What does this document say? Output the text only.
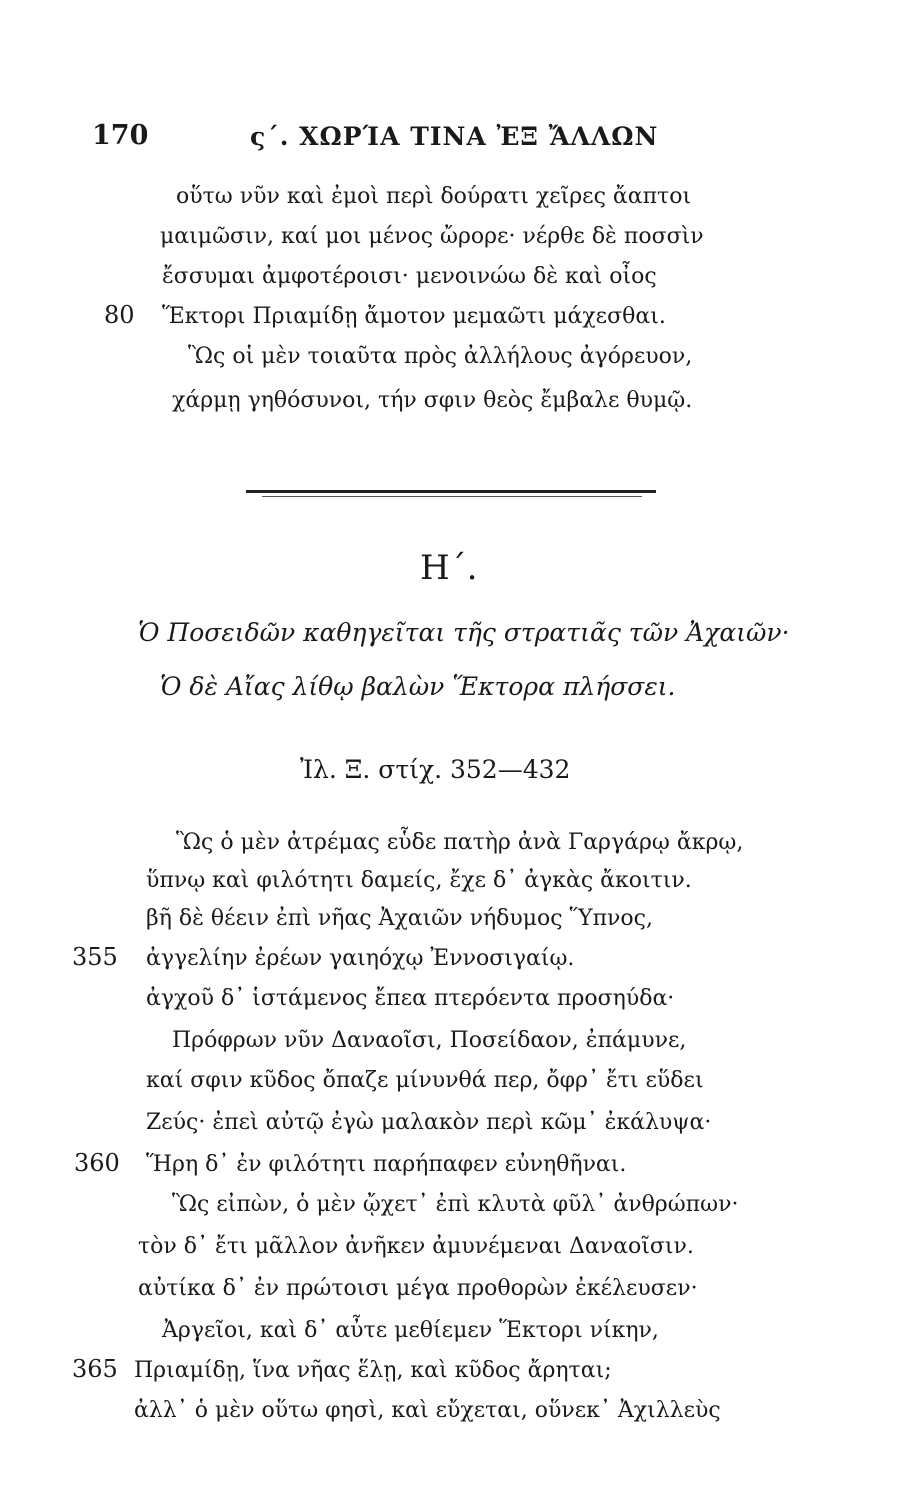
170	ς΄. ΧΩΡΊΑ ΤΙΝΑ ἘΞ ἌΛΛΩΝ
οὕτω νῦν καὶ ἐμοὶ περὶ δούρατι χεῖρες ἄαπτοι
μαιμῶσιν, καί μοι μένος ὤρορε· νέρθε δὲ ποσσὶν
ἔσσυμαι ἀμφοτέροισι· μενοινώω δὲ καὶ οἶος
80 Ἕκτορι Πριαμίδῃ ἄμοτον μεμαῶτι μάχεσθαι.
Ὣς οἱ μὲν τοιαῦτα πρὸς ἀλλήλους ἀγόρευον,
χάρμῃ γηθόσυνοι, τήν σφιν θεὸς ἔμβαλε θυμῷ.
Η΄.
Ὁ Ποσειδῶν καθηγεῖται τῆς στρατιᾶς τῶν Ἀχαιῶν·
Ὁ δὲ Αἴας λίθῳ βαλὼν Ἕκτορα πλήσσει.
Ἰλ. Ξ. στίχ. 352—432
Ὣς ὁ μὲν ἀτρέμας εὗδε πατὴρ ἀνὰ Γαργάρῳ ἄκρῳ,
ὕπνῳ καὶ φιλότητι δαμείς, ἔχε δ᾽ ἀγκὰς ἄκοιτιν.
βῆ δὲ θέειν ἐπὶ νῆας Ἀχαιῶν νήδυμος Ὕπνος,
355 ἀγγελίην ἐρέων γαιηόχῳ Ἐννοσιγαίῳ.
ἀγχοῦ δ᾽ ἱστάμενος ἔπεα πτερόεντα προσηύδα·
Πρόφρων νῦν Δαναοῖσι, Ποσείδαον, ἐπάμυνε,
καί σφιν κῦδος ὄπαζε μίνυνθά περ, ὄφρ᾽ ἔτι εὕδει
Ζεύς· ἐπεὶ αὐτῷ ἐγὼ μαλακὸν περὶ κῶμ᾽ ἐκάλυψα·
360 Ἥρη δ᾽ ἐν φιλότητι παρήπαφεν εὐνηθῆναι.
Ὣς εἰπὼν, ὁ μὲν ᾤχετ᾽ ἐπὶ κλυτὰ φῦλ᾽ ἀνθρώπων·
τὸν δ᾽ ἔτι μᾶλλον ἀνῆκεν ἀμυνέμεναι Δαναοῖσιν.
αὐτίκα δ᾽ ἐν πρώτοισι μέγα προθορὼν ἐκέλευσεν·
Ἀργεῖοι, καὶ δ᾽ αὖτε μεθίεμεν Ἕκτορι νίκην,
365 Πριαμίδῃ, ἵνα νῆας ἕλῃ, καὶ κῦδος ἄρηται;
ἀλλ᾽ ὁ μὲν οὕτω φησὶ, καὶ εὔχεται, οὕνεκ᾽ Ἀχιλλεὺς
